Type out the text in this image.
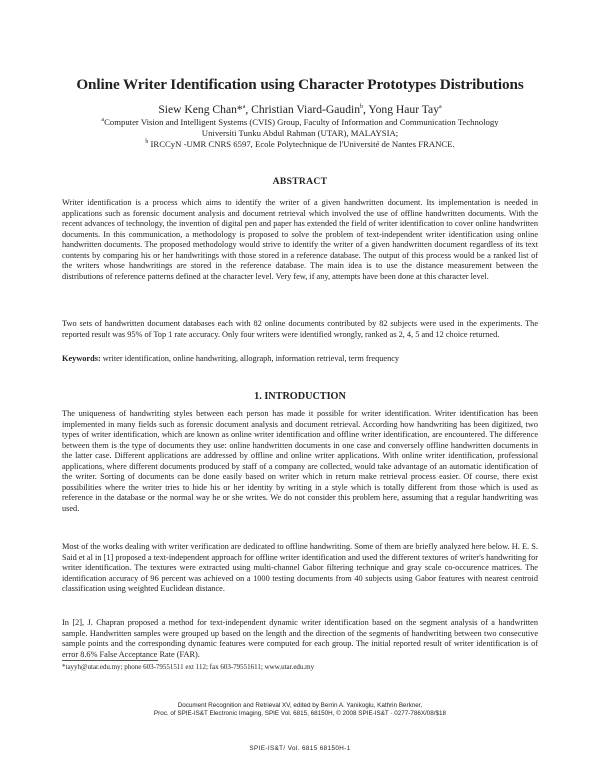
Online Writer Identification using Character Prototypes Distributions
Siew Keng Chan*$^a$, Christian Viard-Gaudin$^b$, Yong Haur Tay$^a$
$^a$Computer Vision and Intelligent Systems (CVIS) Group, Faculty of Information and Communication Technology
Universiti Tunku Abdul Rahman (UTAR), MALAYSIA;
$^b$ IRCCyN -UMR CNRS 6597, Ecole Polytechnique de l'Université de Nantes FRANCE.
ABSTRACT
Writer identification is a process which aims to identify the writer of a given handwritten document. Its implementation is needed in applications such as forensic document analysis and document retrieval which involved the use of offline handwritten documents. With the recent advances of technology, the invention of digital pen and paper has extended the field of writer identification to cover online handwritten documents. In this communication, a methodology is proposed to solve the problem of text-independent writer identification using online handwritten documents. The proposed methodology would strive to identify the writer of a given handwritten document regardless of its text contents by comparing his or her handwritings with those stored in a reference database. The output of this process would be a ranked list of the writers whose handwritings are stored in the reference database. The main idea is to use the distance measurement between the distributions of reference patterns defined at the character level. Very few, if any, attempts have been done at this character level.
Two sets of handwritten document databases each with 82 online documents contributed by 82 subjects were used in the experiments. The reported result was 95% of Top 1 rate accuracy. Only four writers were identified wrongly, ranked as 2, 4, 5 and 12 choice returned.
Keywords: writer identification, online handwriting, allograph, information retrieval, term frequency
1. INTRODUCTION
The uniqueness of handwriting styles between each person has made it possible for writer identification. Writer identification has been implemented in many fields such as forensic document analysis and document retrieval. According how handwriting has been digitized, two types of writer identification, which are known as online writer identification and offline writer identification, are encountered. The difference between them is the type of documents they use: online handwritten documents in one case and conversely offline handwritten documents in the latter case. Different applications are addressed by offline and online writer applications. With online writer identification, professional applications, where different documents produced by staff of a company are collected, would take advantage of an automatic identification of the writer. Sorting of documents can be done easily based on writer which in return make retrieval process easier. Of course, there exist possibilities where the writer tries to hide his or her identity by writing in a style which is totally different from those which is used as reference in the database or the normal way he or she writes. We do not consider this problem here, assuming that a regular handwriting was used.
Most of the works dealing with writer verification are dedicated to offline handwriting. Some of them are briefly analyzed here below. H. E. S. Said et al in [1] proposed a text-independent approach for offline writer identification and used the different textures of writer's handwriting for writer identification. The textures were extracted using multi-channel Gabor filtering technique and gray scale co-occurence matrices. The identification accuracy of 96 percent was achieved on a 1000 testing documents from 40 subjects using Gabor features with nearest centroid classification using weighted Euclidean distance.
In [2], J. Chapran proposed a method for text-independent dynamic writer identification based on the segment analysis of a handwritten sample. Handwritten samples were grouped up based on the length and the direction of the segments of handwriting between two consecutive sample points and the corresponding dynamic features were computed for each group. The initial reported result of writer identification is of error 8.6% False Acceptance Rate (FAR).
*tayyh@utar.edu.my; phone 603-79551511 ext 112; fax 603-79551611; www.utar.edu.my
Document Recognition and Retrieval XV, edited by Berrin A. Yanikoglu, Kathrin Berkner,
Proc. of SPIE-IS&T Electronic Imaging, SPIE Vol. 6815, 68150H, © 2008 SPIE-IS&T · 0277-786X/08/$18
SPIE-IS&T/ Vol. 6815 68150H-1
